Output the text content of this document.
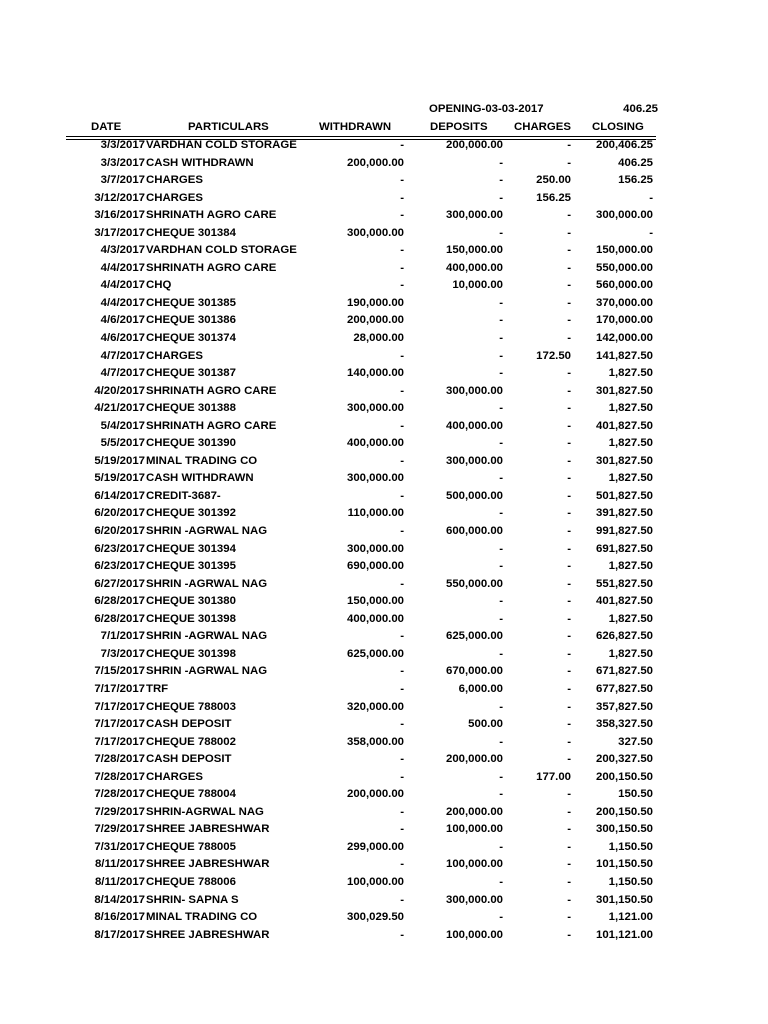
OPENING-03-03-2017	406.25
DATE	PARTICULARS	WITHDRAWN	DEPOSITS CHARGES CLOSING
3/3/2017 VARDHAN COLD STORAGE	-	200,000.00	- 200,406.25
3/3/2017 CASH WITHDRAWN	200,000.00	-	-	406.25
3/7/2017 CHARGES	-	-	250.00	156.25
3/12/2017 CHARGES	-	-	156.25	-
3/16/2017 SHRINATH AGRO CARE	-	300,000.00	- 300,000.00
3/17/2017 CHEQUE 301384	300,000.00	-	-	-
4/3/2017 VARDHAN COLD STORAGE	-	150,000.00	- 150,000.00
4/4/2017 SHRINATH AGRO CARE	-	400,000.00	- 550,000.00
4/4/2017 CHQ	-	10,000.00	- 560,000.00
4/4/2017 CHEQUE 301385	190,000.00	-	- 370,000.00
4/6/2017 CHEQUE 301386	200,000.00	-	- 170,000.00
4/6/2017 CHEQUE 301374	28,000.00	-	- 142,000.00
4/7/2017 CHARGES	-	-	172.50 141,827.50
4/7/2017 CHEQUE 301387	140,000.00	-	-	1,827.50
4/20/2017 SHRINATH AGRO CARE	-	300,000.00	- 301,827.50
4/21/2017 CHEQUE 301388	300,000.00	-	-	1,827.50
5/4/2017 SHRINATH AGRO CARE	-	400,000.00	- 401,827.50
5/5/2017 CHEQUE 301390	400,000.00	-	-	1,827.50
5/19/2017 MINAL TRADING CO	-	300,000.00	- 301,827.50
5/19/2017 CASH WITHDRAWN	300,000.00	-	-	1,827.50
6/14/2017 CREDIT-3687-	-	500,000.00	- 501,827.50
6/20/2017 CHEQUE 301392	110,000.00	-	- 391,827.50
6/20/2017 SHRIN -AGRWAL NAG	-	600,000.00	- 991,827.50
6/23/2017 CHEQUE 301394	300,000.00	-	- 691,827.50
6/23/2017 CHEQUE 301395	690,000.00	-	-	1,827.50
6/27/2017 SHRIN -AGRWAL NAG	-	550,000.00	- 551,827.50
6/28/2017 CHEQUE 301380	150,000.00	-	- 401,827.50
6/28/2017 CHEQUE 301398	400,000.00	-	-	1,827.50
7/1/2017 SHRIN -AGRWAL NAG	-	625,000.00	- 626,827.50
7/3/2017 CHEQUE 301398	625,000.00	-	-	1,827.50
7/15/2017 SHRIN -AGRWAL NAG	-	670,000.00	- 671,827.50
7/17/2017 TRF	-	6,000.00	- 677,827.50
7/17/2017 CHEQUE 788003	320,000.00	-	- 357,827.50
7/17/2017 CASH DEPOSIT	-	500.00	- 358,327.50
7/17/2017 CHEQUE 788002	358,000.00	-	-	327.50
7/28/2017 CASH DEPOSIT	-	200,000.00	- 200,327.50
7/28/2017 CHARGES	-	-	177.00 200,150.50
7/28/2017 CHEQUE 788004	200,000.00	-	-	150.50
7/29/2017 SHRIN-AGRWAL NAG	-	200,000.00	- 200,150.50
7/29/2017 SHREE JABRESHWAR	-	100,000.00	- 300,150.50
7/31/2017 CHEQUE 788005	299,000.00	-	-	1,150.50
8/11/2017 SHREE JABRESHWAR	-	100,000.00	- 101,150.50
8/11/2017 CHEQUE 788006	100,000.00	-	-	1,150.50
8/14/2017 SHRIN- SAPNA S	-	300,000.00	- 301,150.50
8/16/2017 MINAL TRADING CO	300,029.50	-	-	1,121.00
8/17/2017 SHREE JABRESHWAR	-	100,000.00	- 101,121.00
